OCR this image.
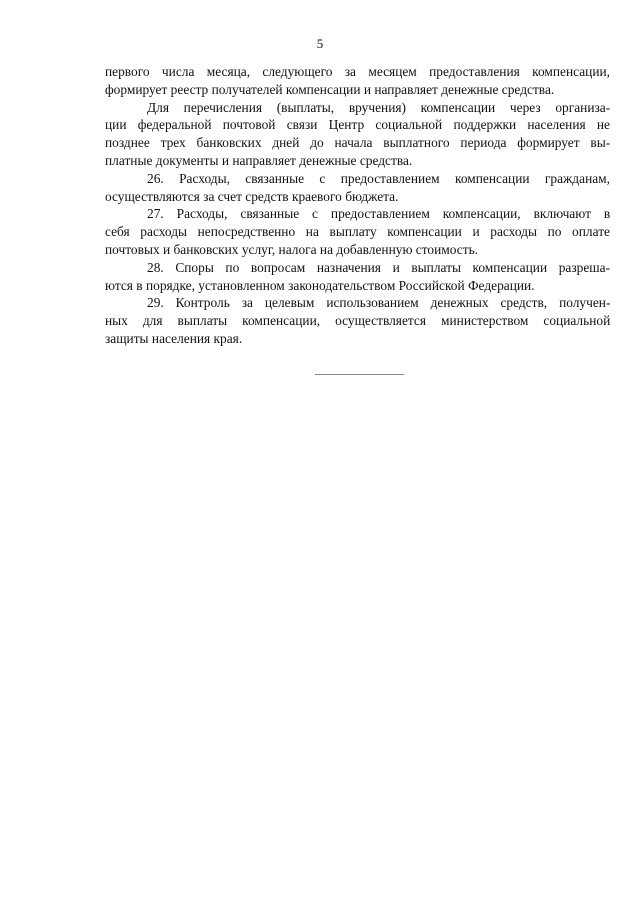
5
первого числа месяца, следующего за месяцем предоставления компенсации,
формирует реестр получателей компенсации и направляет денежные средства.
Для перечисления (выплаты, вручения) компенсации через организа-
ции федеральной почтовой связи Центр социальной поддержки населения не
позднее трех банковских дней до начала выплатного периода формирует вы-
платные документы и направляет денежные средства.
26. Расходы, связанные с предоставлением компенсации гражданам,
осуществляются за счет средств краевого бюджета.
27. Расходы, связанные с предоставлением компенсации, включают в
себя расходы непосредственно на выплату компенсации и расходы по оплате
почтовых и банковских услуг, налога на добавленную стоимость.
28. Споры по вопросам назначения и выплаты компенсации разреша-
ются в порядке, установленном законодательством Российской Федерации.
29. Контроль за целевым использованием денежных средств, получен-
ных для выплаты компенсации, осуществляется министерством социальной
защиты населения края.
